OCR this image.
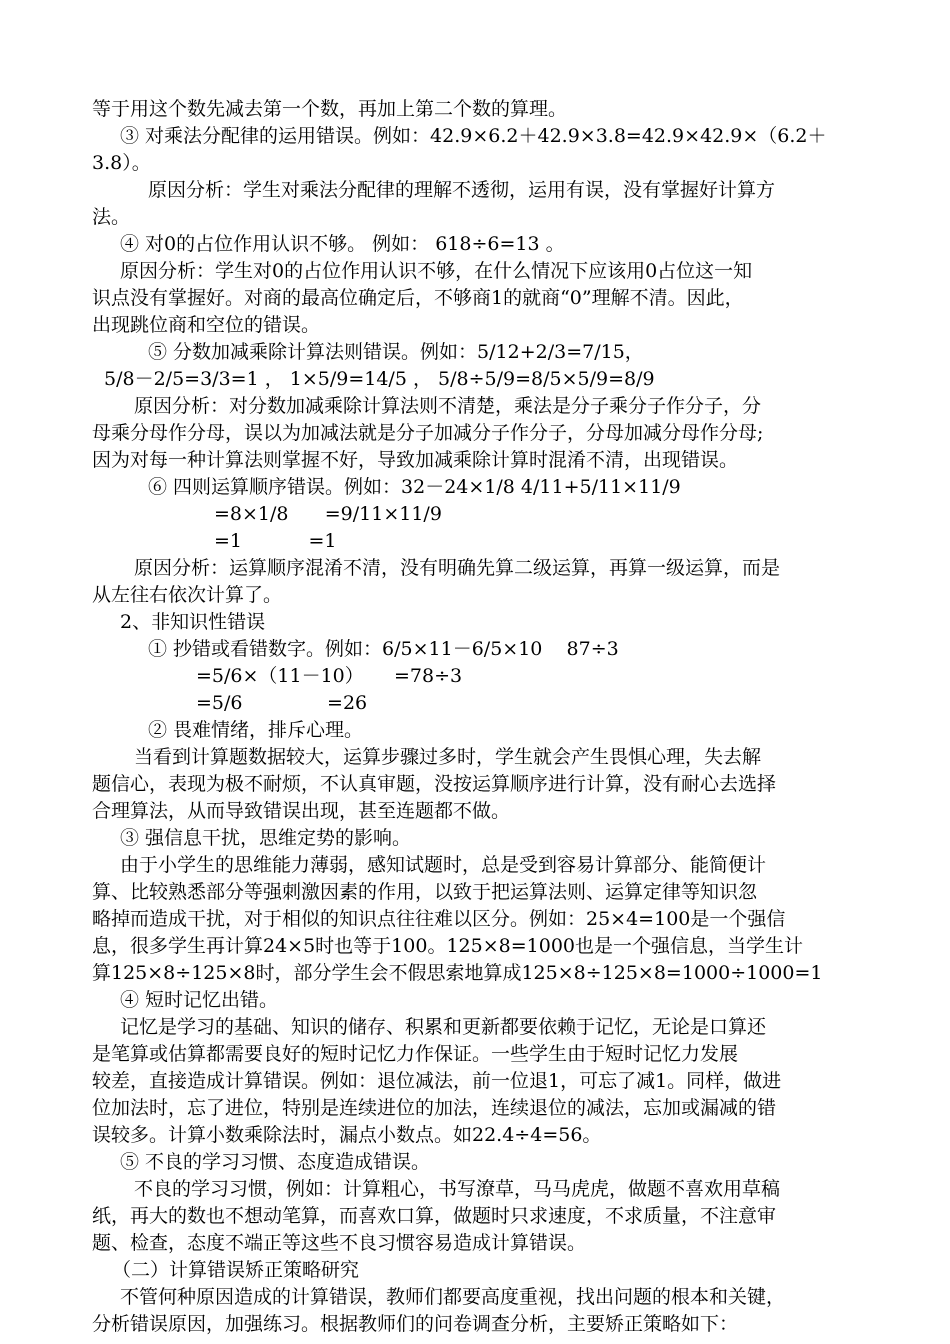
等于用这个数先减去第一个数，再加上第二个数的算理。
③ 对乘法分配律的运用错误。例如：42.9×6.2＋42.9×3.8=42.9×42.9×（6.2＋
3.8）。
原因分析：学生对乘法分配律的理解不透彻，运用有误，没有掌握好计算方
法。
④ 对0的占位作用认识不够。 例如： 618÷6=13 。
原因分析：学生对0的占位作用认识不够，在什么情况下应该用0占位这一知
识点没有掌握好。对商的最高位确定后，不够商1的就商“0”理解不清。因此，
出现跳位商和空位的错误。
⑤ 分数加减乘除计算法则错误。例如：5/12+2/3=7/15，
5/8－2/5=3/3=1 ， 1×5/9=14/5 ， 5/8÷5/9=8/5×5/9=8/9
原因分析：对分数加减乘除计算法则不清楚，乘法是分子乘分子作分子，分
母乘分母作分母，误以为加减法就是分子加减分子作分子，分母加减分母作分母;
因为对每一种计算法则掌握不好，导致加减乘除计算时混淆不清，出现错误。
⑥ 四则运算顺序错误。例如：32－24×1/8 4/11+5/11×11/9
=8×1/8      =9/11×11/9
=1           =1
原因分析：运算顺序混淆不清，没有明确先算二级运算，再算一级运算，而是
从左往右依次计算了。
2、非知识性错误
① 抄错或看错数字。例如：6/5×11－6/5×10    87÷3
=5/6×（11－10）     =78÷3
=5/6              =26
② 畏难情绪，排斥心理。
当看到计算题数据较大，运算步骤过多时，学生就会产生畏惧心理，失去解
题信心，表现为极不耐烦，不认真审题，没按运算顺序进行计算，没有耐心去选择
合理算法，从而导致错误出现，甚至连题都不做。
③ 强信息干扰，思维定势的影响。
由于小学生的思维能力薄弱，感知试题时，总是受到容易计算部分、能简便计
算、比较熟悉部分等强刺激因素的作用，以致于把运算法则、运算定律等知识忽
略掉而造成干扰，对于相似的知识点往往难以区分。例如：25×4=100是一个强信
息，很多学生再计算24×5时也等于100。125×8=1000也是一个强信息，当学生计
算125×8÷125×8时，部分学生会不假思索地算成125×8÷125×8=1000÷1000=1
④ 短时记忆出错。
记忆是学习的基础、知识的储存、积累和更新都要依赖于记忆，无论是口算还
是笔算或估算都需要良好的短时记忆力作保证。一些学生由于短时记忆力发展
较差，直接造成计算错误。例如：退位减法，前一位退1，可忘了减1。同样，做进
位加法时，忘了进位，特别是连续进位的加法，连续退位的减法，忘加或漏减的错
误较多。计算小数乘除法时，漏点小数点。如22.4÷4=56。
⑤ 不良的学习习惯、态度造成错误。
不良的学习习惯，例如：计算粗心，书写潦草，马马虎虎，做题不喜欢用草稿
纸，再大的数也不想动笔算，而喜欢口算，做题时只求速度，不求质量，不注意审
题、检查，态度不端正等这些不良习惯容易造成计算错误。
（二）计算错误矫正策略研究
不管何种原因造成的计算错误，教师们都要高度重视，找出问题的根本和关键，
分析错误原因，加强练习。根据教师们的问卷调查分析，主要矫正策略如下：
